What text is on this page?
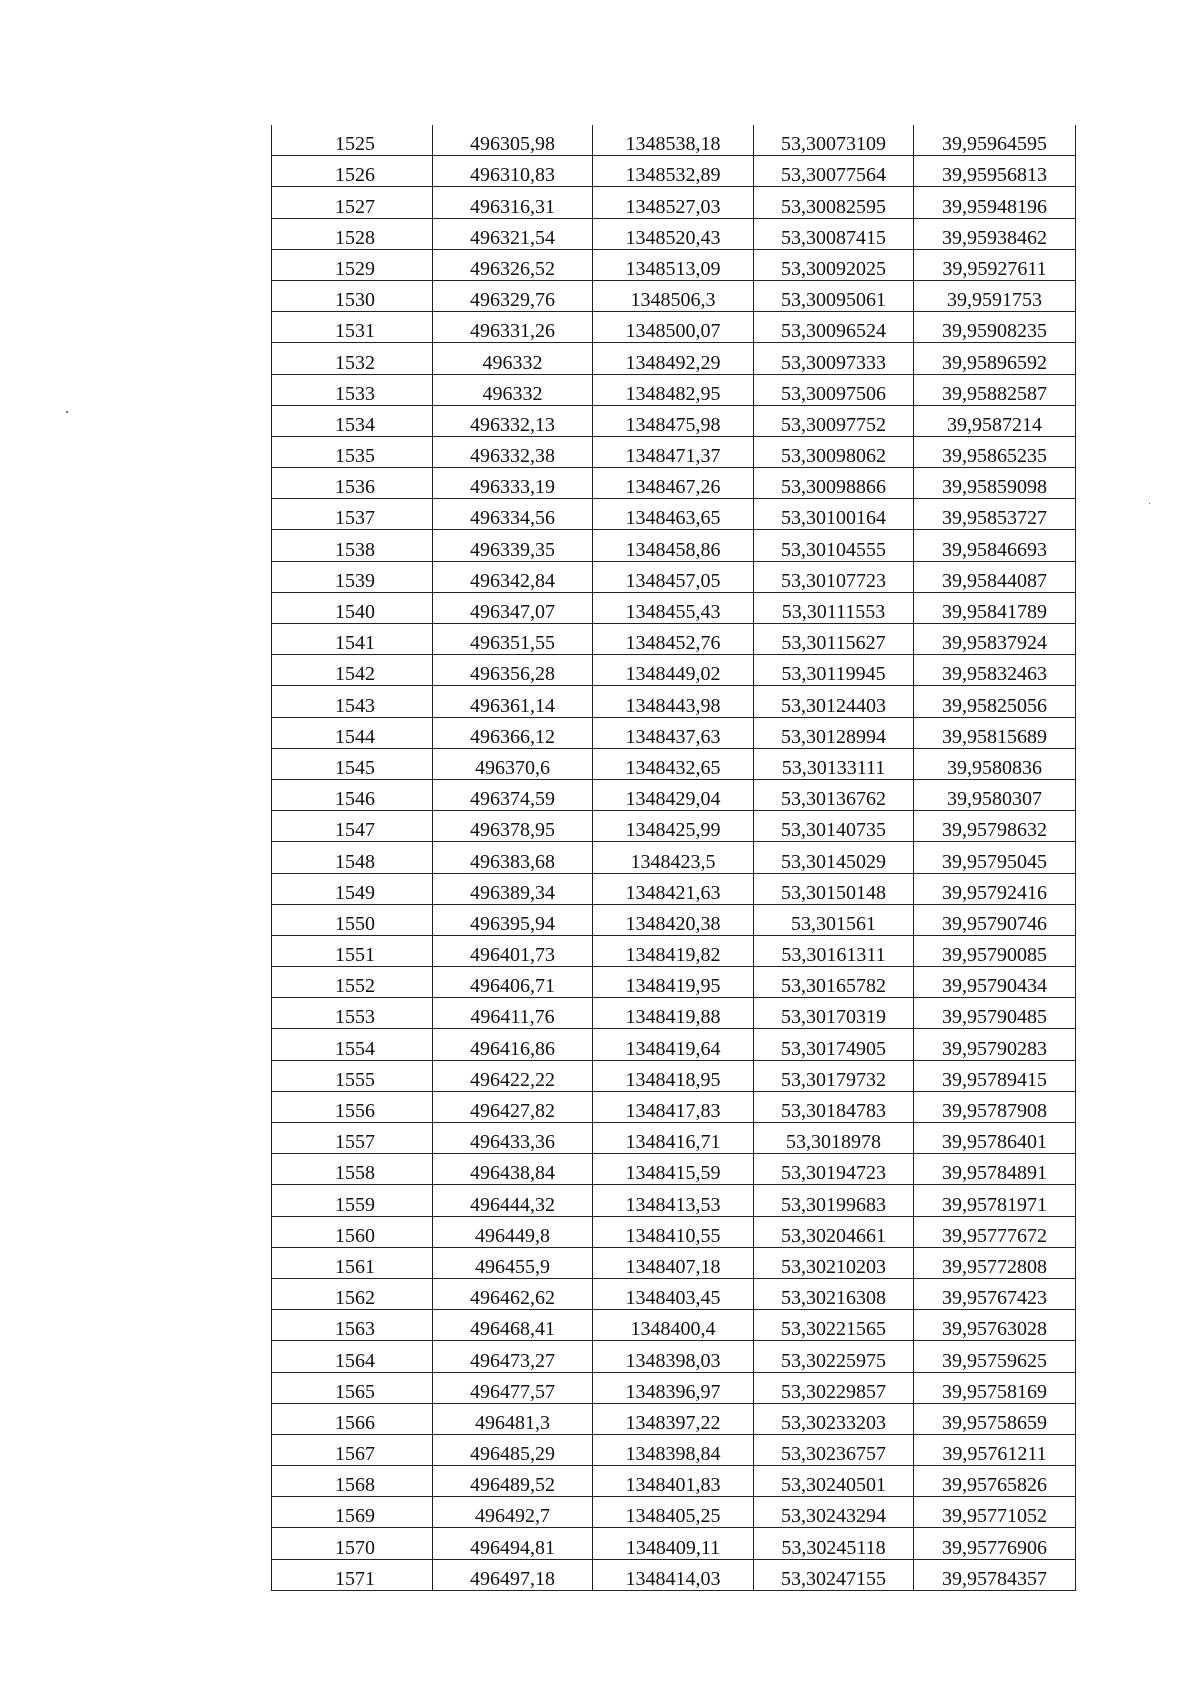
1525	496305,98	1348538,18	53,30073109	39,95964595
1526	496310,83	1348532,89	53,30077564	39,95956813
1527	496316,31	1348527,03	53,30082595	39,95948196
1528	496321,54	1348520,43	53,30087415	39,95938462
1529	496326,52	1348513,09	53,30092025	39,95927611
1530	496329,76	1348506,3	53,30095061	39,9591753
1531	496331,26	1348500,07	53,30096524	39,95908235
1532	496332	1348492,29	53,30097333	39,95896592
1533	496332	1348482,95	53,30097506	39,95882587
1534	496332,13	1348475,98	53,30097752	39,9587214
1535	496332,38	1348471,37	53,30098062	39,95865235
1536	496333,19	1348467,26	53,30098866	39,95859098
1537	496334,56	1348463,65	53,30100164	39,95853727
1538	496339,35	1348458,86	53,30104555	39,95846693
1539	496342,84	1348457,05	53,30107723	39,95844087
1540	496347,07	1348455,43	53,30111553	39,95841789
1541	496351,55	1348452,76	53,30115627	39,95837924
1542	496356,28	1348449,02	53,30119945	39,95832463
1543	496361,14	1348443,98	53,30124403	39,95825056
1544	496366,12	1348437,63	53,30128994	39,95815689
1545	496370,6	1348432,65	53,30133111	39,9580836
1546	496374,59	1348429,04	53,30136762	39,9580307
1547	496378,95	1348425,99	53,30140735	39,95798632
1548	496383,68	1348423,5	53,30145029	39,95795045
1549	496389,34	1348421,63	53,30150148	39,95792416
1550	496395,94	1348420,38	53,301561	39,95790746
1551	496401,73	1348419,82	53,30161311	39,95790085
1552	496406,71	1348419,95	53,30165782	39,95790434
1553	496411,76	1348419,88	53,30170319	39,95790485
1554	496416,86	1348419,64	53,30174905	39,95790283
1555	496422,22	1348418,95	53,30179732	39,95789415
1556	496427,82	1348417,83	53,30184783	39,95787908
1557	496433,36	1348416,71	53,3018978	39,95786401
1558	496438,84	1348415,59	53,30194723	39,95784891
1559	496444,32	1348413,53	53,30199683	39,95781971
1560	496449,8	1348410,55	53,30204661	39,95777672
1561	496455,9	1348407,18	53,30210203	39,95772808
1562	496462,62	1348403,45	53,30216308	39,95767423
1563	496468,41	1348400,4	53,30221565	39,95763028
1564	496473,27	1348398,03	53,30225975	39,95759625
1565	496477,57	1348396,97	53,30229857	39,95758169
1566	496481,3	1348397,22	53,30233203	39,95758659
1567	496485,29	1348398,84	53,30236757	39,95761211
1568	496489,52	1348401,83	53,30240501	39,95765826
1569	496492,7	1348405,25	53,30243294	39,95771052
1570	496494,81	1348409,11	53,30245118	39,95776906
1571	496497,18	1348414,03	53,30247155	39,95784357
